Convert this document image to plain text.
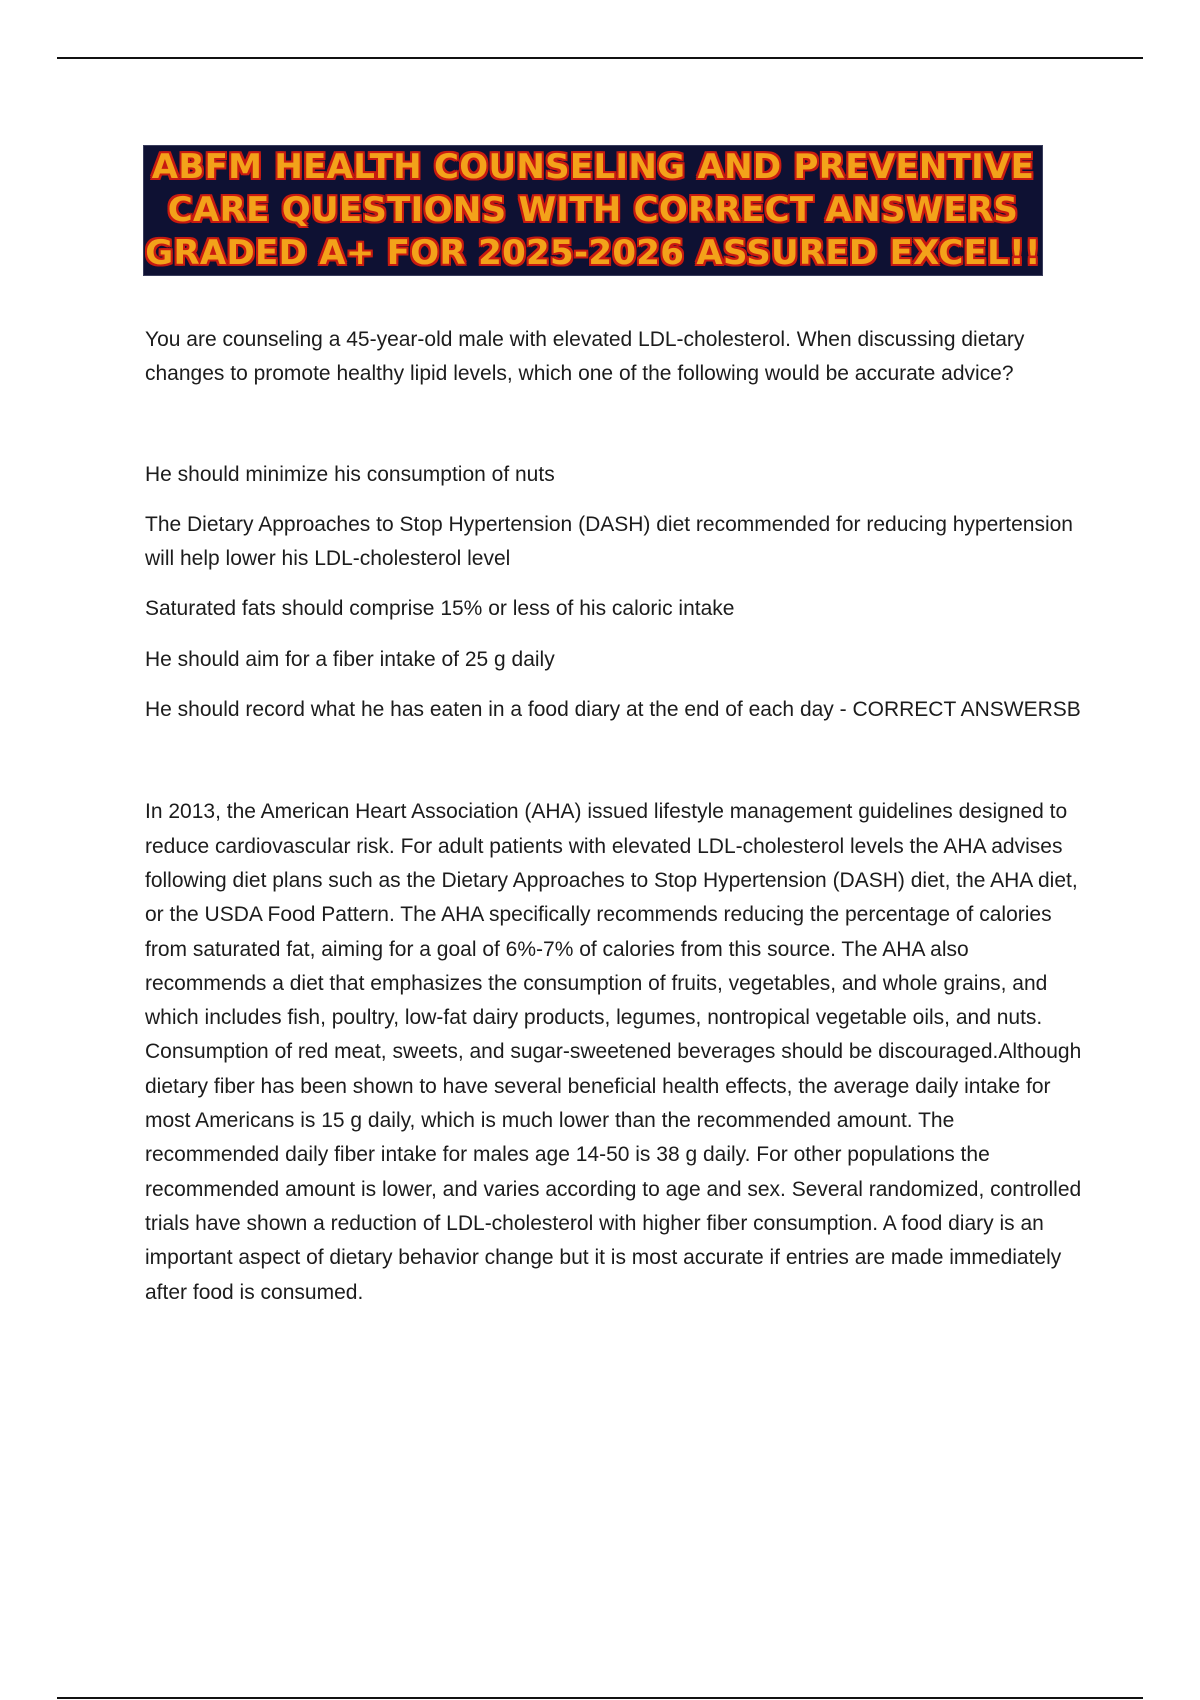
ABFM HEALTH COUNSELING AND PREVENTIVE
CARE QUESTIONS WITH CORRECT ANSWERS
GRADED A+ FOR 2025-2026 ASSURED EXCEL!!

You are counseling a 45-year-old male with elevated LDL-cholesterol. When discussing dietary changes to promote healthy lipid levels, which one of the following would be accurate advice?

He should minimize his consumption of nuts

The Dietary Approaches to Stop Hypertension (DASH) diet recommended for reducing hypertension will help lower his LDL-cholesterol level

Saturated fats should comprise 15% or less of his caloric intake

He should aim for a fiber intake of 25 g daily

He should record what he has eaten in a food diary at the end of each day - CORRECT ANSWERSB

In 2013, the American Heart Association (AHA) issued lifestyle management guidelines designed to reduce cardiovascular risk. For adult patients with elevated LDL-cholesterol levels the AHA advises following diet plans such as the Dietary Approaches to Stop Hypertension (DASH) diet, the AHA diet, or the USDA Food Pattern. The AHA specifically recommends reducing the percentage of calories from saturated fat, aiming for a goal of 6%-7% of calories from this source. The AHA also recommends a diet that emphasizes the consumption of fruits, vegetables, and whole grains, and which includes fish, poultry, low-fat dairy products, legumes, nontropical vegetable oils, and nuts. Consumption of red meat, sweets, and sugar-sweetened beverages should be discouraged.Although dietary fiber has been shown to have several beneficial health effects, the average daily intake for most Americans is 15 g daily, which is much lower than the recommended amount. The recommended daily fiber intake for males age 14-50 is 38 g daily. For other populations the recommended amount is lower, and varies according to age and sex. Several randomized, controlled trials have shown a reduction of LDL-cholesterol with higher fiber consumption. A food diary is an important aspect of dietary behavior change but it is most accurate if entries are made immediately after food is consumed.
